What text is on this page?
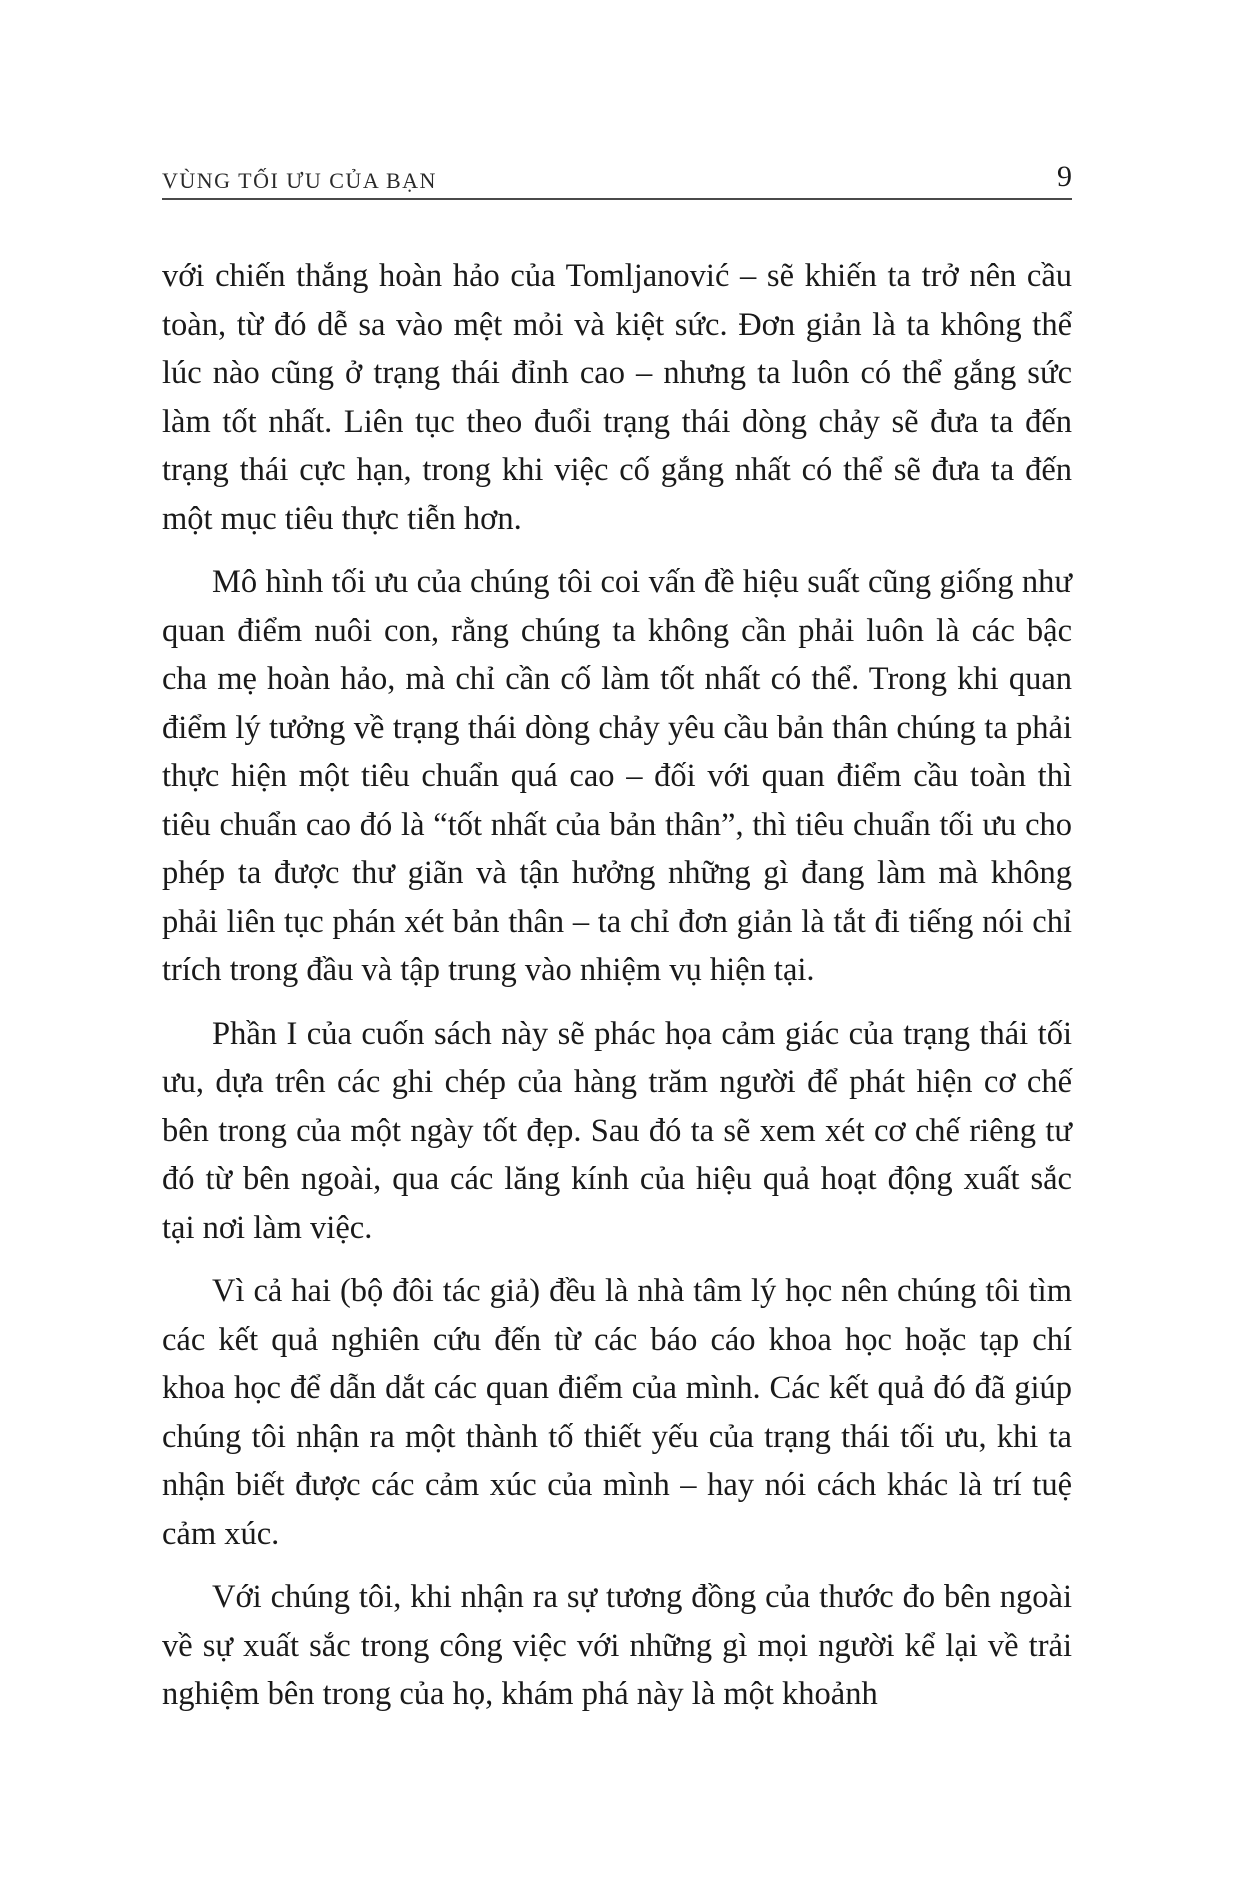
VÙNG TỐI ƯU CỦA BẠN	9

với chiến thắng hoàn hảo của Tomljanović – sẽ khiến ta trở nên cầu toàn, từ đó dễ sa vào mệt mỏi và kiệt sức. Đơn giản là ta không thể lúc nào cũng ở trạng thái đỉnh cao – nhưng ta luôn có thể gắng sức làm tốt nhất. Liên tục theo đuổi trạng thái dòng chảy sẽ đưa ta đến trạng thái cực hạn, trong khi việc cố gắng nhất có thể sẽ đưa ta đến một mục tiêu thực tiễn hơn.

Mô hình tối ưu của chúng tôi coi vấn đề hiệu suất cũng giống như quan điểm nuôi con, rằng chúng ta không cần phải luôn là các bậc cha mẹ hoàn hảo, mà chỉ cần cố làm tốt nhất có thể. Trong khi quan điểm lý tưởng về trạng thái dòng chảy yêu cầu bản thân chúng ta phải thực hiện một tiêu chuẩn quá cao – đối với quan điểm cầu toàn thì tiêu chuẩn cao đó là “tốt nhất của bản thân”, thì tiêu chuẩn tối ưu cho phép ta được thư giãn và tận hưởng những gì đang làm mà không phải liên tục phán xét bản thân – ta chỉ đơn giản là tắt đi tiếng nói chỉ trích trong đầu và tập trung vào nhiệm vụ hiện tại.

Phần I của cuốn sách này sẽ phác họa cảm giác của trạng thái tối ưu, dựa trên các ghi chép của hàng trăm người để phát hiện cơ chế bên trong của một ngày tốt đẹp. Sau đó ta sẽ xem xét cơ chế riêng tư đó từ bên ngoài, qua các lăng kính của hiệu quả hoạt động xuất sắc tại nơi làm việc.

Vì cả hai (bộ đôi tác giả) đều là nhà tâm lý học nên chúng tôi tìm các kết quả nghiên cứu đến từ các báo cáo khoa học hoặc tạp chí khoa học để dẫn dắt các quan điểm của mình. Các kết quả đó đã giúp chúng tôi nhận ra một thành tố thiết yếu của trạng thái tối ưu, khi ta nhận biết được các cảm xúc của mình – hay nói cách khác là trí tuệ cảm xúc.

Với chúng tôi, khi nhận ra sự tương đồng của thước đo bên ngoài về sự xuất sắc trong công việc với những gì mọi người kể lại về trải nghiệm bên trong của họ, khám phá này là một khoảnh
